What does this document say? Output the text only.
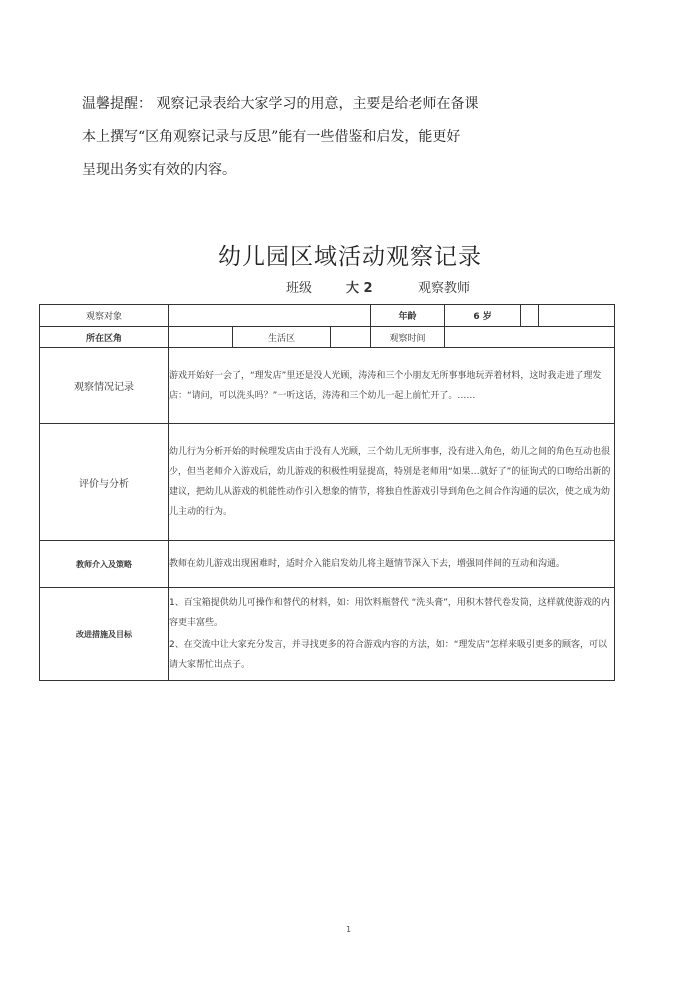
温馨提醒： 观察记录表给大家学习的用意，主要是给老师在备课
本上撰写“区角观察记录与反思”能有一些借鉴和启发，能更好
呈现出务实有效的内容。
幼儿园区域活动观察记录
班级	大 2	观察教师
观察对象				年龄	6 岁		
所在区角		生活区		观察时间			
观察情况记录	游戏开始好一会了，“理发店”里还是没人光顾，涛涛和三个小朋友无所事事地玩弄着材料，这时我走进了理发店：“请问，可以洗头吗？”一听这话，涛涛和三个幼儿一起上前忙开了。……						
评价与分析	幼儿行为分析开始的时候理发店由于没有人光顾，三个幼儿无所事事，没有进入角色，幼儿之间的角色互动也很少，但当老师介入游戏后，幼儿游戏的积极性明显提高，特别是老师用“如果…就好了”的征询式的口吻给出新的建议，把幼儿从游戏的机能性动作引入想象的情节，将独自性游戏引导到角色之间合作沟通的层次，使之成为幼儿主动的行为。						
教师介入及策略	教师在幼儿游戏出现困难时，适时介入能启发幼儿将主题情节深入下去，增强同伴间的互动和沟通。						
改进措施及目标	1、百宝箱提供幼儿可操作和替代的材料，如：用饮料瓶替代 “洗头膏”，用积木替代卷发筒，这样就使游戏的内容更丰富些。

2、在交流中让大家充分发言，并寻找更多的符合游戏内容的方法，如：“理发店”怎样来吸引更多的顾客，可以请大家帮忙出点子。						

1
